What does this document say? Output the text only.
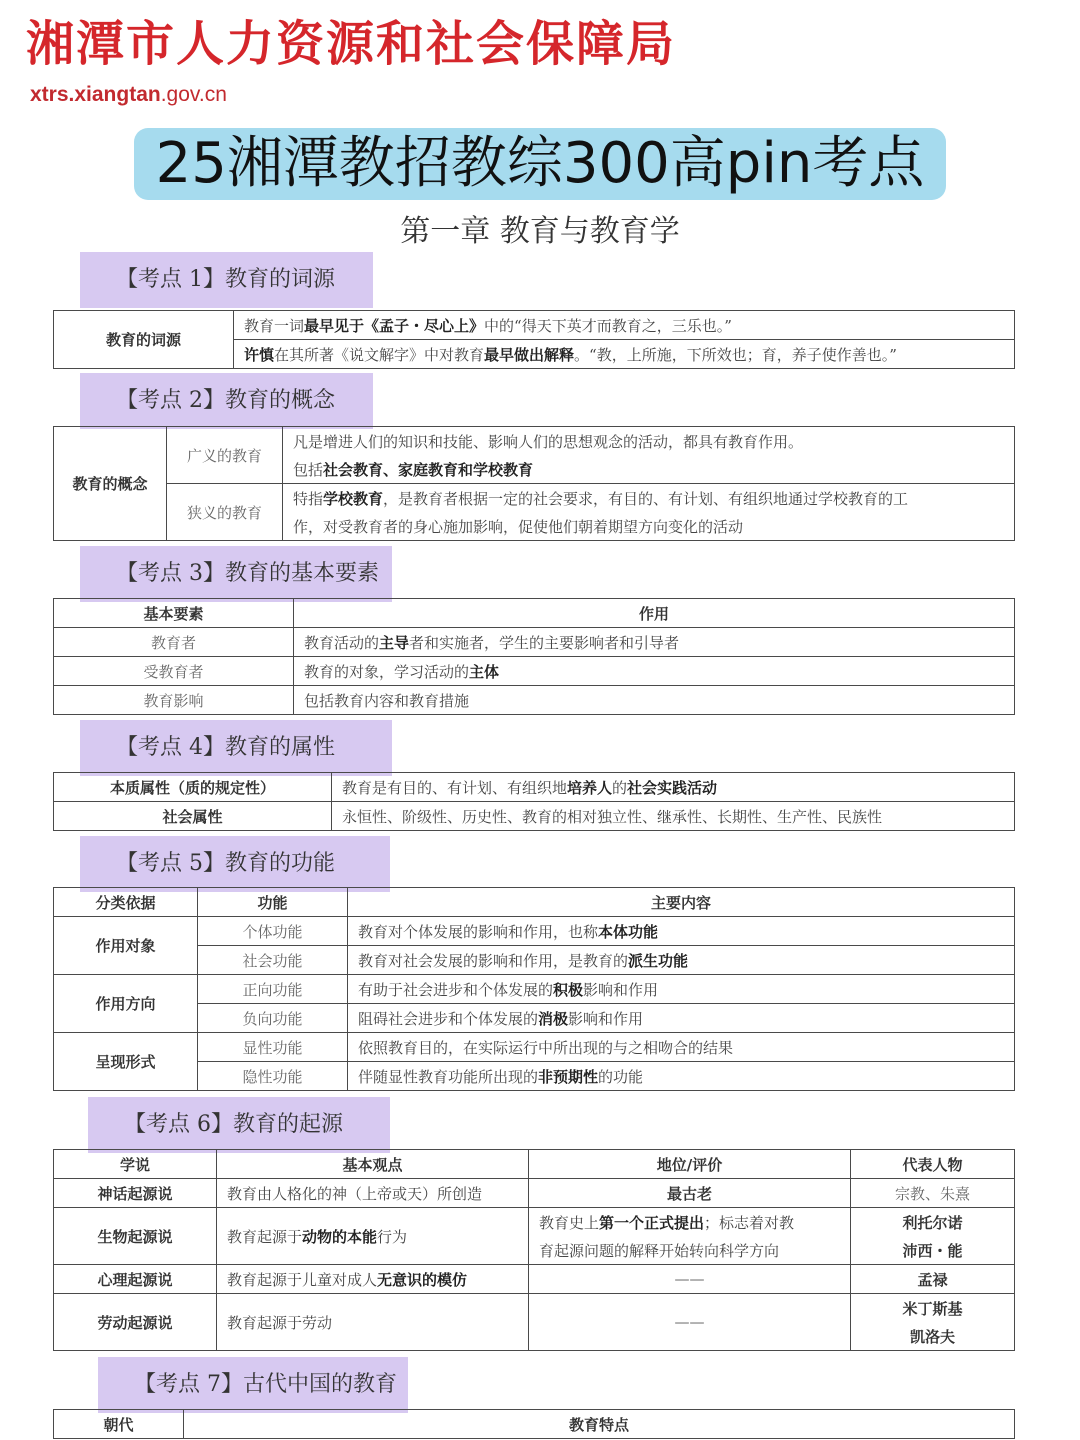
湘潭市人力资源和社会保障局
xtrs.xiangtan.gov.cn
25湘潭教招教综300高pin考点
第一章 教育与教育学
【考点 1】教育的词源
教育的词源	教育一词最早见于《孟子・尽心上》中的“得天下英才而教育之，三乐也。”
许慎在其所著《说文解字》中对教育最早做出解释。“教，上所施，下所效也；育，养子使作善也。”
【考点 2】教育的概念
教育的概念	广义的教育	凡是增进人们的知识和技能、影响人们的思想观念的活动，都具有教育作用。
		包括社会教育、家庭教育和学校教育
	狭义的教育	特指学校教育，是教育者根据一定的社会要求，有目的、有计划、有组织地通过学校教育的工
		作，对受教育者的身心施加影响，促使他们朝着期望方向变化的活动
【考点 3】教育的基本要素
基本要素	作用
教育者	教育活动的主导者和实施者，学生的主要影响者和引导者
受教育者	教育的对象，学习活动的主体
教育影响	包括教育内容和教育措施
【考点 4】教育的属性
本质属性（质的规定性）	教育是有目的、有计划、有组织地培养人的社会实践活动
社会属性	永恒性、阶级性、历史性、教育的相对独立性、继承性、长期性、生产性、民族性
【考点 5】教育的功能
分类依据	功能	主要内容
作用对象	个体功能	教育对个体发展的影响和作用，也称本体功能
	社会功能	教育对社会发展的影响和作用，是教育的派生功能
作用方向	正向功能	有助于社会进步和个体发展的积极影响和作用
	负向功能	阻碍社会进步和个体发展的消极影响和作用
呈现形式	显性功能	依照教育目的，在实际运行中所出现的与之相吻合的结果
	隐性功能	伴随显性教育功能所出现的非预期性的功能
【考点 6】教育的起源
学说	基本观点	地位/评价	代表人物
神话起源说	教育由人格化的神（上帝或天）所创造	最古老	宗教、朱熹
生物起源说	教育起源于动物的本能行为	教育史上第一个正式提出；标志着对教	利托尔诺
		育起源问题的解释开始转向科学方向	沛西・能
心理起源说	教育起源于儿童对成人无意识的模仿	——	孟禄
劳动起源说	教育起源于劳动	——	米丁斯基
			凯洛夫
【考点 7】古代中国的教育
朝代	教育特点
